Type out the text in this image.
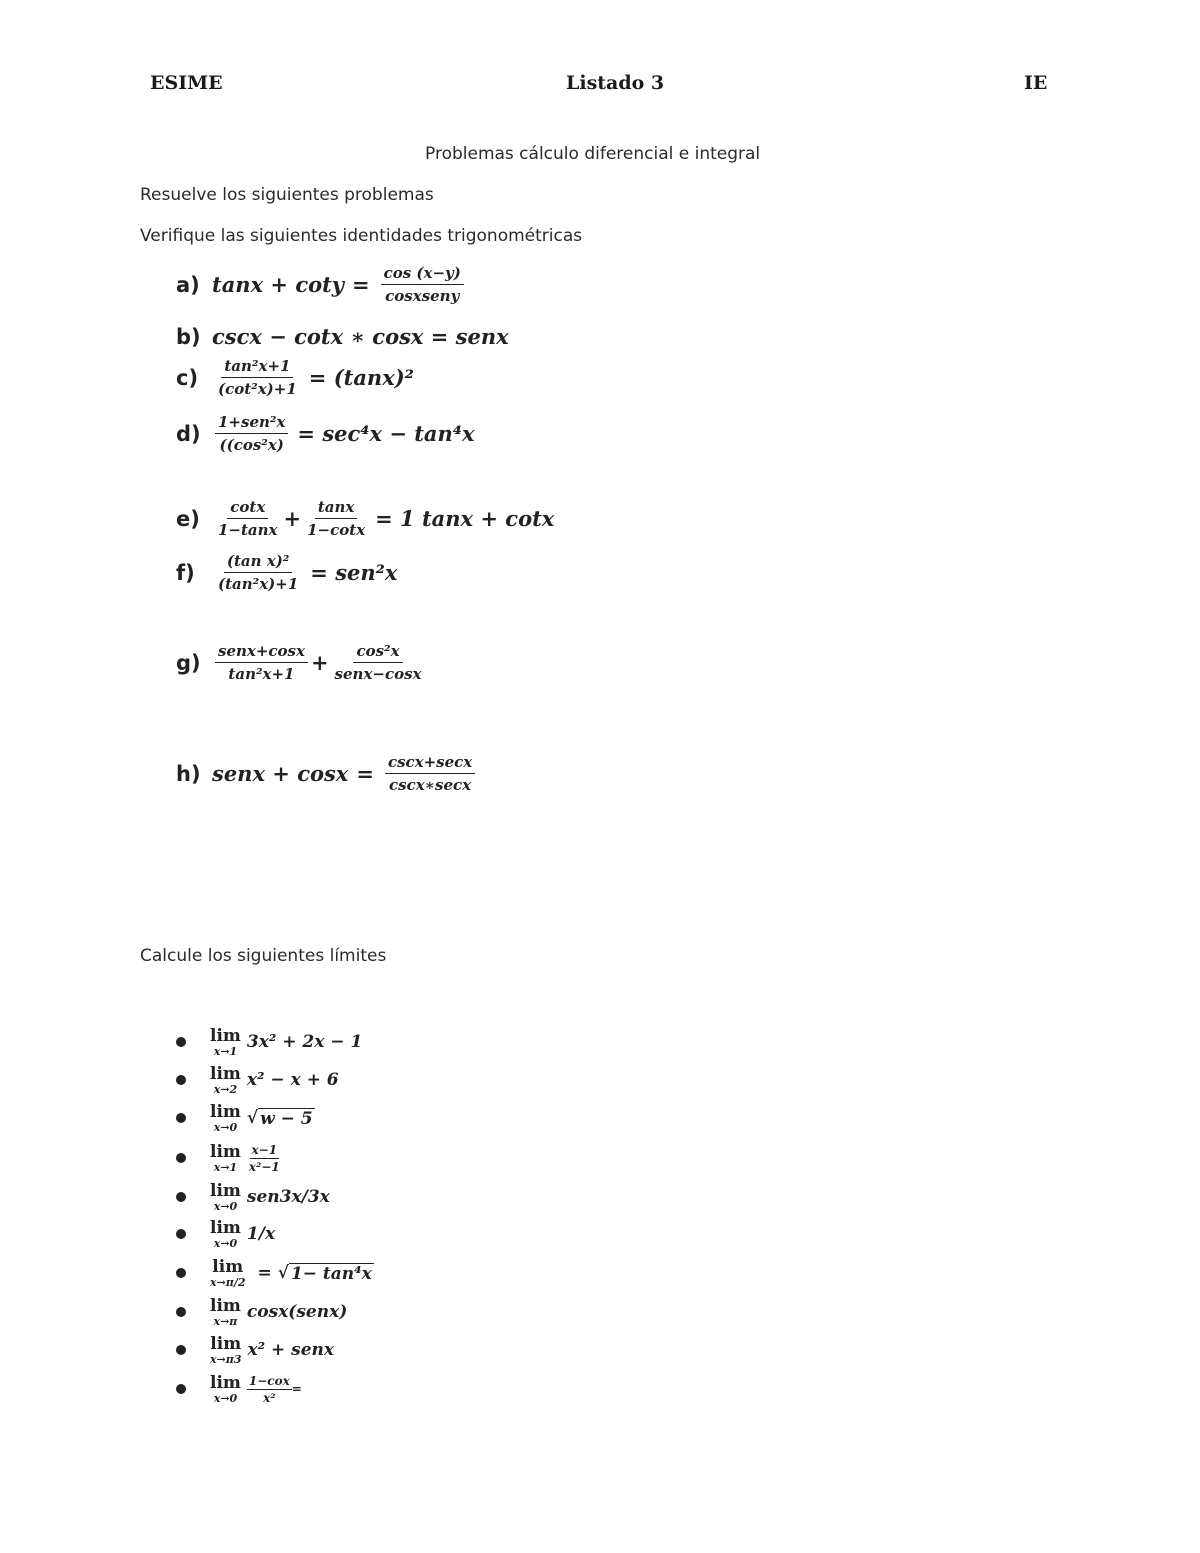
ESIME	Listado 3	IE
Problemas cálculo diferencial e integral
Resuelve los siguientes problemas
Verifique las siguientes identidades trigonométricas
a) $\tan x + \cot y = \frac{\cos (x-y)}{\text{cosxseny}}$
b) cscx − cotx ∗ cosx = senx
c)	$\frac{\text{tan²x+1}}{\text{(cot²x)+1}} = (\tan x)^2$
$d) \frac{\text{1+sen²x}}{\text{((cos²x)}} = \sec^4x - \tan^4x$
e)	$\frac{\cot x}{1-\tan x} + \frac{\tan x}{1-\cot x} = 1$ tanx + cotx
f)	$\frac{\text{(tan x)²}}{\text{(tan²x)+1}} = sen^2x$
$g) \frac{\text{senx+cosx}}{\text{tan²x+1}} + \frac{\text{cos²x}}{\text{senx−cosx}}$
h) senx + $\cos x = \frac{\csc x+\sec x}{\csc x∗\sec x}$
Calcule los siguientes límites
lim
x→1 3x² + 2x − 1
lim
x→2 x² − x + 6
lim
x→0 √ w − 5
lim
$x\to 1 \frac{x-1}{\text{x²−1}}$
lim
x→0 sen3x/3x
lim
x→0 1/x
lim
x→π/2 = √ 1− tan⁴x
lim
x→π cosx(senx)
lim
x→π3 x² + senx
lim
x→0
1−cox
x²
=
